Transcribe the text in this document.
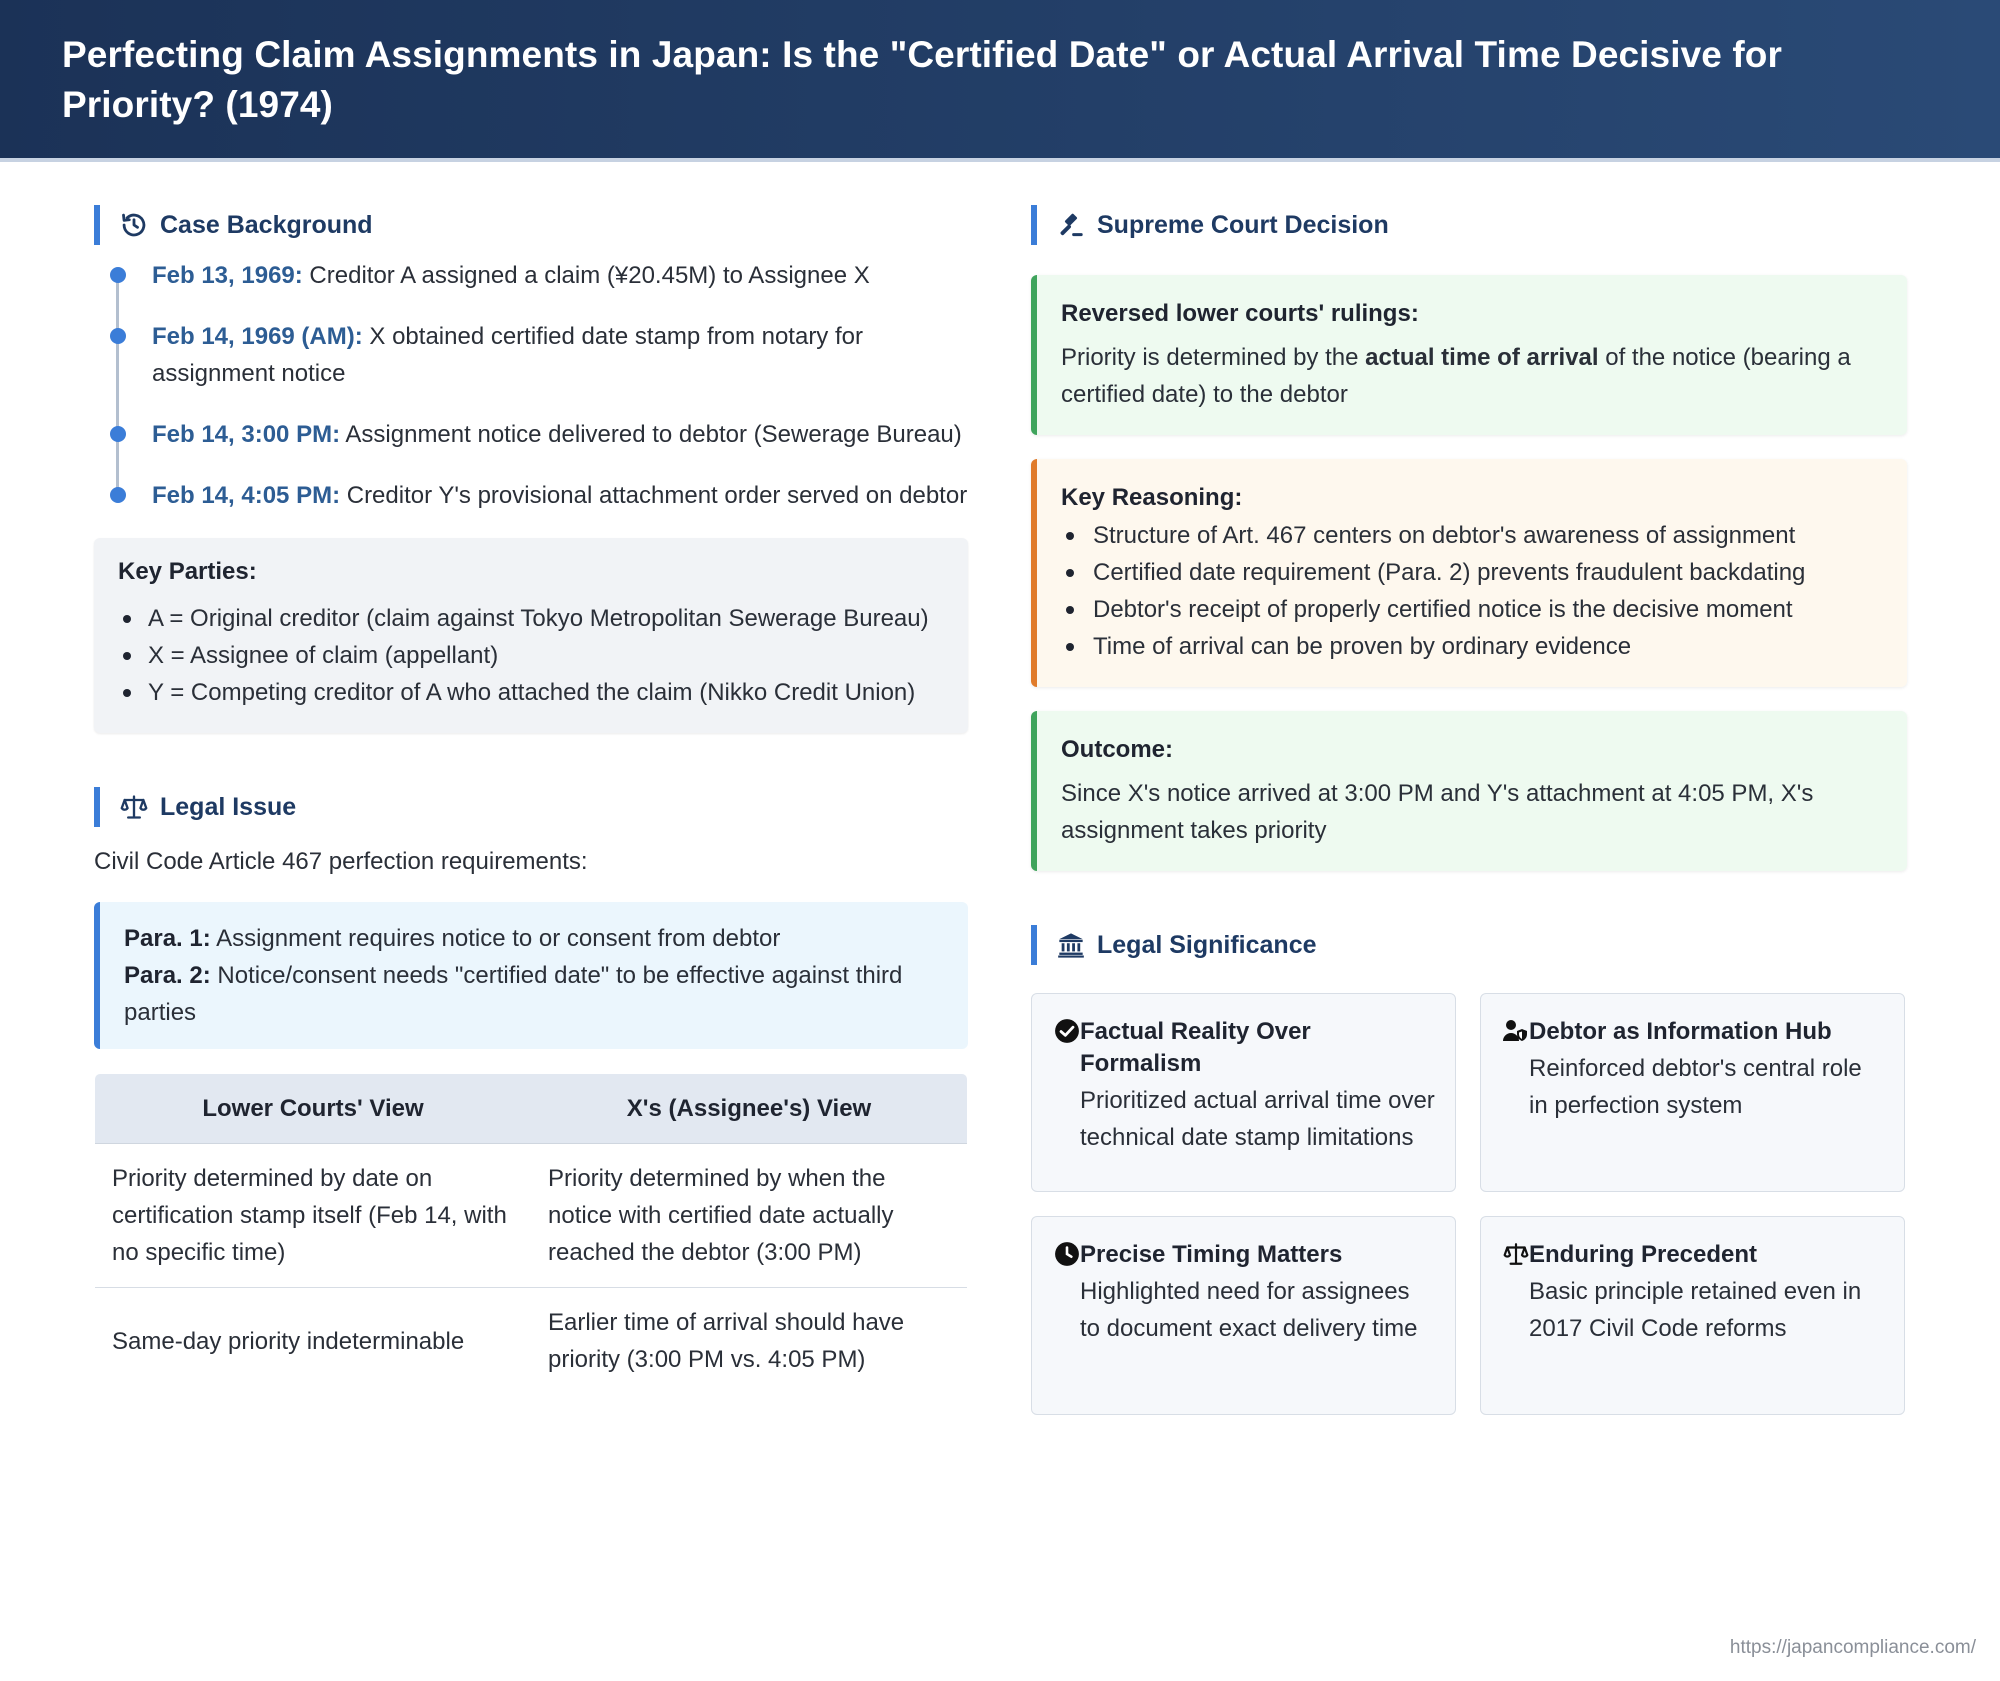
Perfecting Claim Assignments in Japan: Is the "Certified Date" or Actual Arrival Time Decisive for Priority? (1974)
Case Background
Feb 13, 1969: Creditor A assigned a claim (¥20.45M) to Assignee X
Feb 14, 1969 (AM): X obtained certified date stamp from notary for assignment notice
Feb 14, 3:00 PM: Assignment notice delivered to debtor (Sewerage Bureau)
Feb 14, 4:05 PM: Creditor Y's provisional attachment order served on debtor
Key Parties:
A = Original creditor (claim against Tokyo Metropolitan Sewerage Bureau)
X = Assignee of claim (appellant)
Y = Competing creditor of A who attached the claim (Nikko Credit Union)
Legal Issue

Civil Code Article 467 perfection requirements:

Para. 1: Assignment requires notice to or consent from debtor
Para. 2: Notice/consent needs "certified date" to be effective against third parties
Lower Courts' View	X's (Assignee's) View
Priority determined by date on certification stamp itself (Feb 14, with no specific time)	Priority determined by when the notice with certified date actually reached the debtor (3:00 PM)
Same-day priority indeterminable	Earlier time of arrival should have priority (3:00 PM vs. 4:05 PM)
Supreme Court Decision
Reversed lower courts' rulings:

Priority is determined by the actual time of arrival of the notice (bearing a certified date) to the debtor

Key Reasoning:
Structure of Art. 467 centers on debtor's awareness of assignment
Certified date requirement (Para. 2) prevents fraudulent backdating
Debtor's receipt of properly certified notice is the decisive moment
Time of arrival can be proven by ordinary evidence
Outcome:

Since X's notice arrived at 3:00 PM and Y's attachment at 4:05 PM, X's assignment takes priority

Legal Significance
Factual Reality Over Formalism

Prioritized actual arrival time over technical date stamp limitations

Debtor as Information Hub

Reinforced debtor's central role in perfection system

Precise Timing Matters

Highlighted need for assignees to document exact delivery time

Enduring Precedent

Basic principle retained even in 2017 Civil Code reforms

https://japancompliance.com/
